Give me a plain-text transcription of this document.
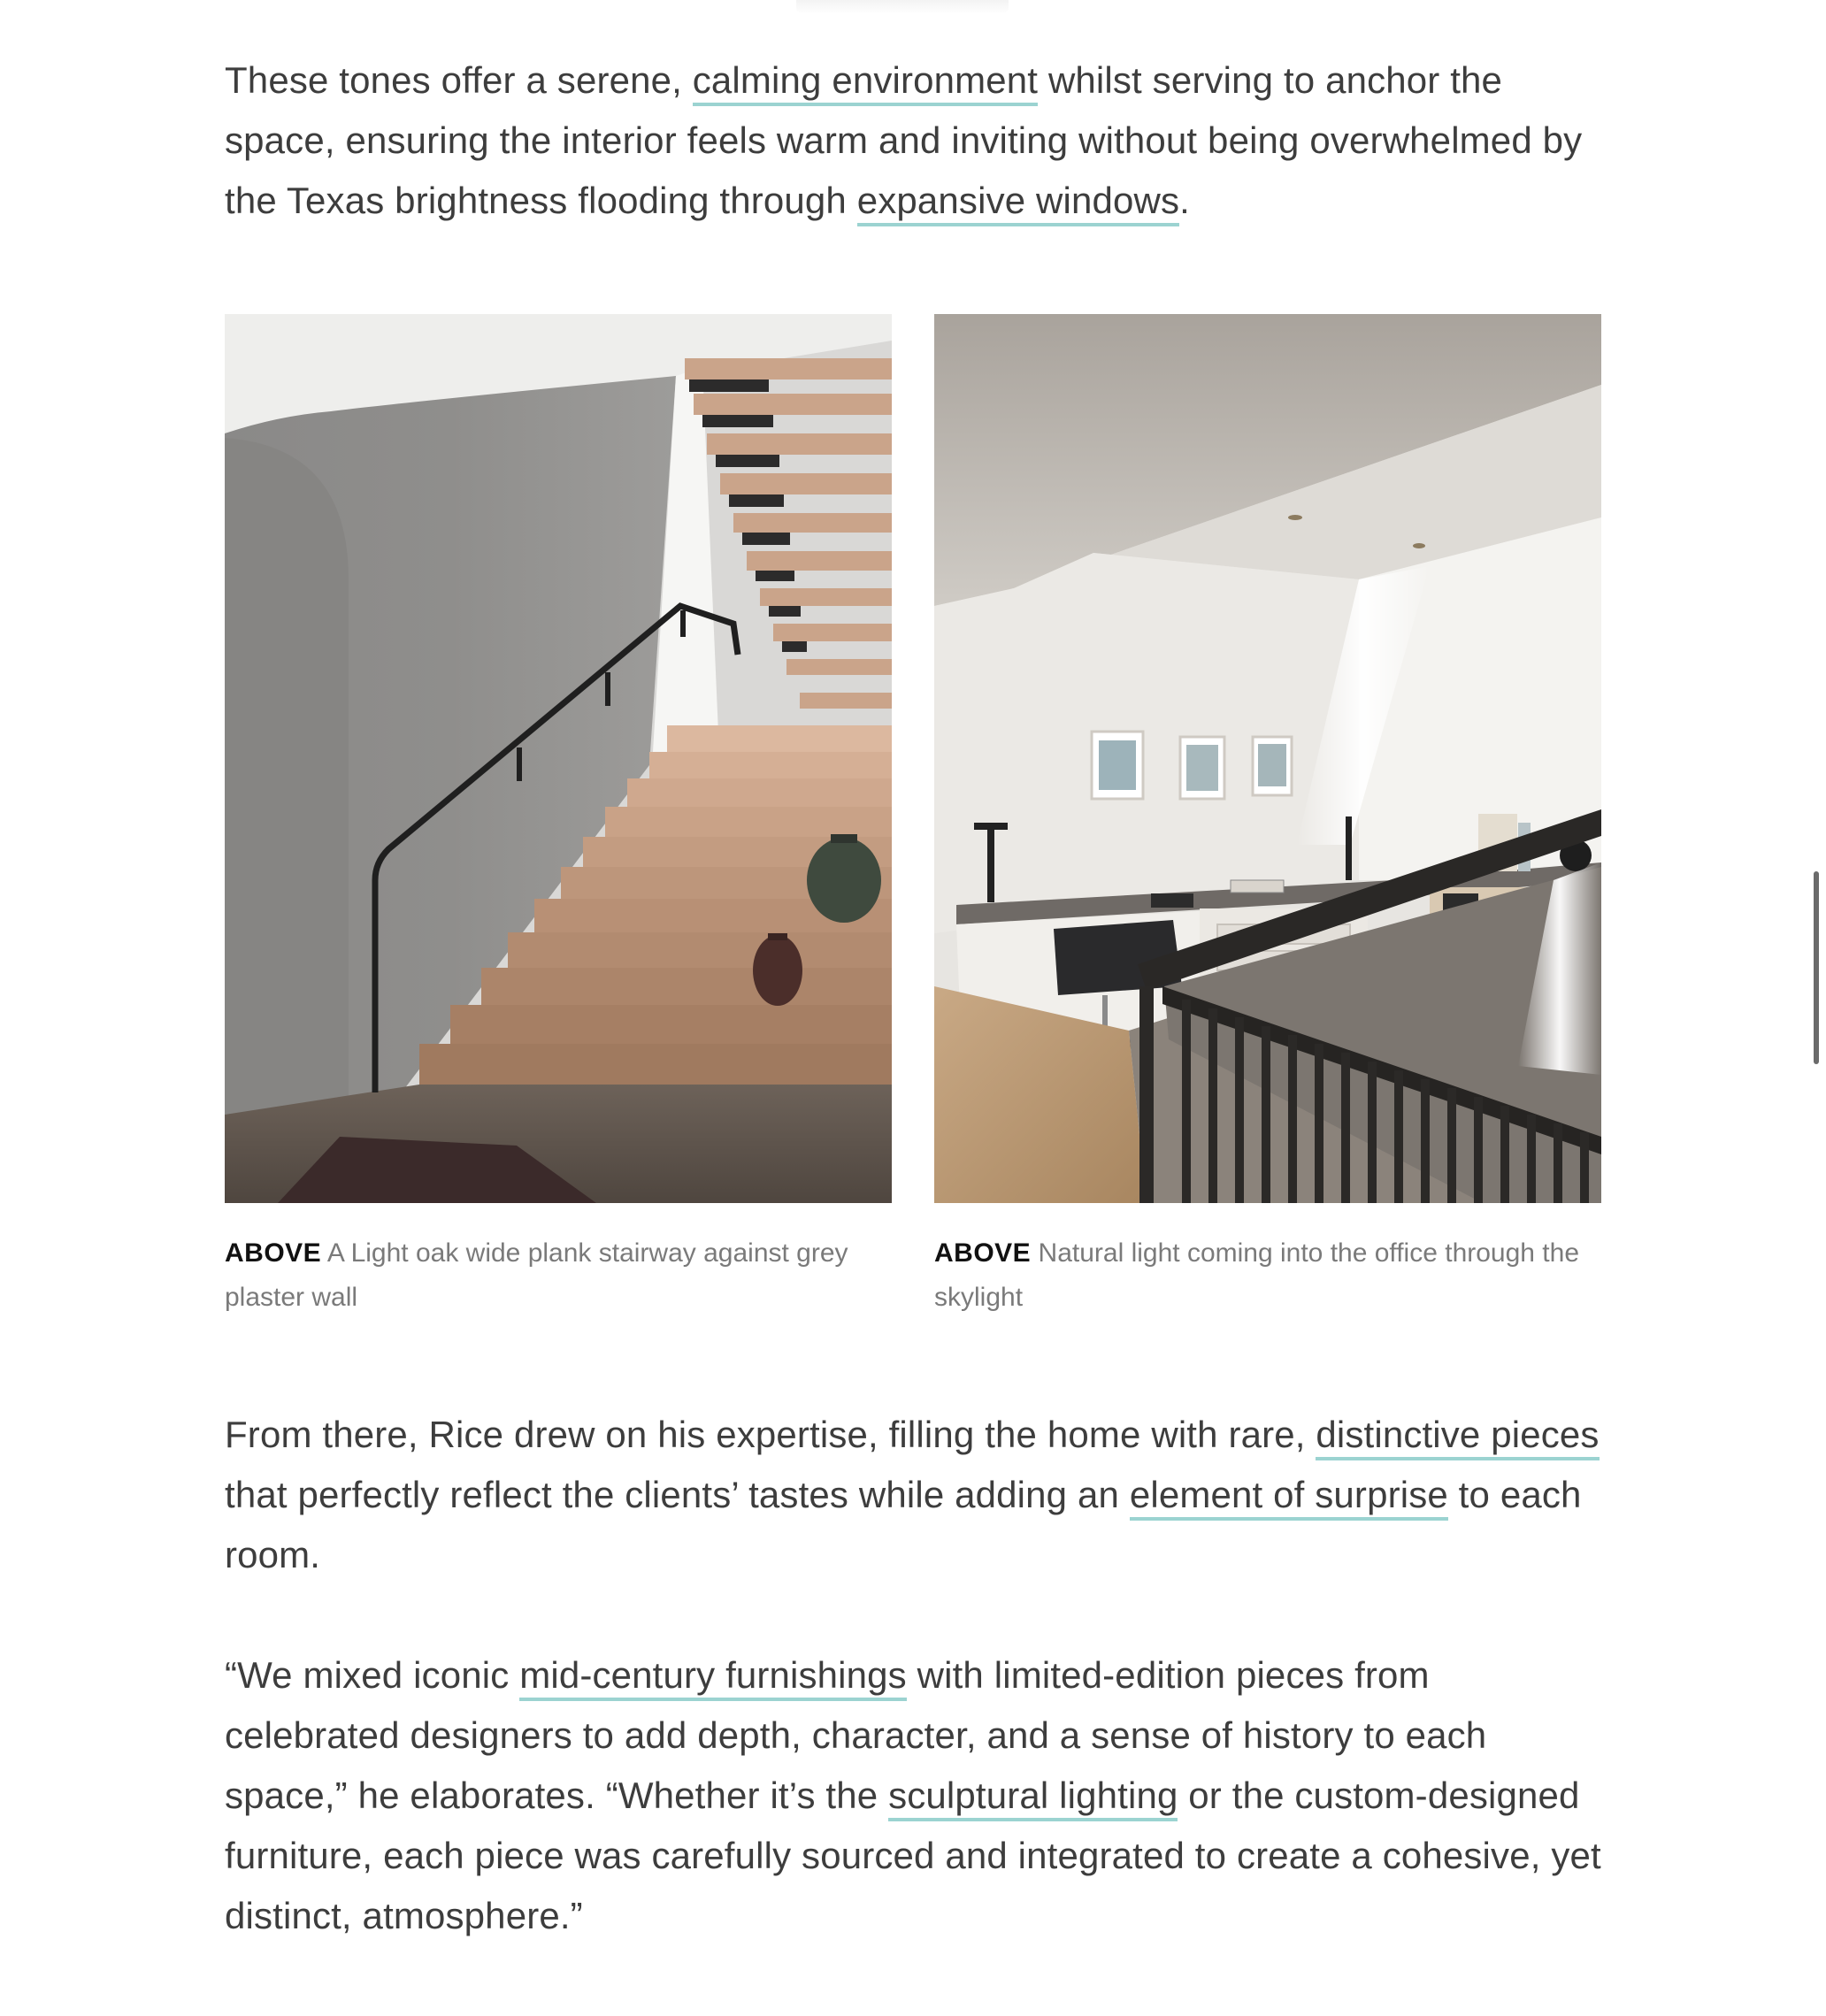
These tones offer a serene, calming environment whilst serving to anchor the space, ensuring the interior feels warm and inviting without being overwhelmed by the Texas brightness flooding through expansive windows.

ABOVE A Light oak wide plank stairway against grey plaster wall
ABOVE Natural light coming into the office through the skylight

From there, Rice drew on his expertise, filling the home with rare, distinctive pieces that perfectly reflect the clients’ tastes while adding an element of surprise to each room.

“We mixed iconic mid-century furnishings with limited-edition pieces from celebrated designers to add depth, character, and a sense of history to each space,” he elaborates. “Whether it’s the sculptural lighting or the custom-designed furniture, each piece was carefully sourced and integrated to create a cohesive, yet distinct, atmosphere.”
